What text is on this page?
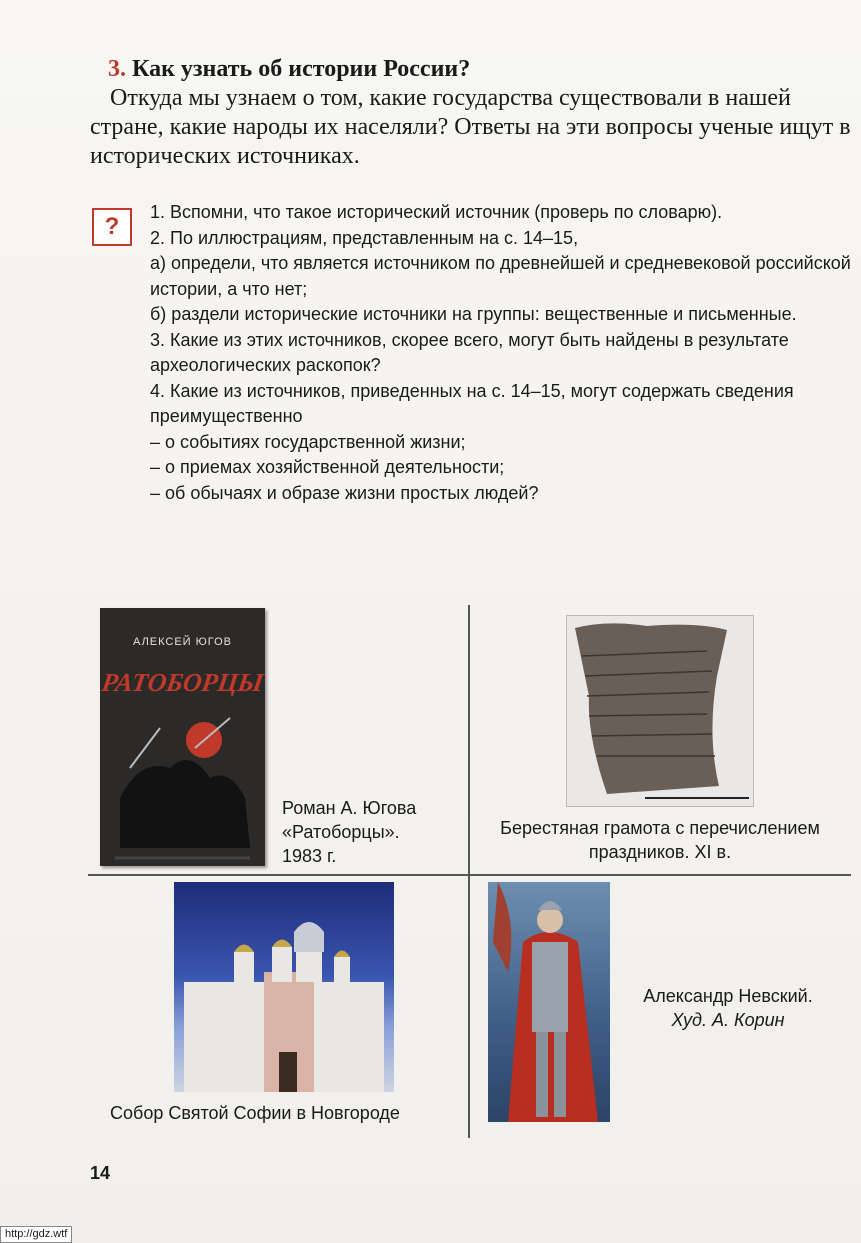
3. Как узнать об истории России?

Откуда мы узнаем о том, какие государства существовали в нашей стране, какие народы их населяли? Ответы на эти вопросы ученые ищут в исторических источниках.

?

1. Вспомни, что такое исторический источник (проверь по словарю).

2. По иллюстрациям, представленным на с. 14–15,

а) определи, что является источником по древнейшей и средневековой российской истории, а что нет;

б) раздели исторические источники на группы: вещественные и письменные.

3. Какие из этих источников, скорее всего, могут быть найдены в результате археологических раскопок?

4. Какие из источников, приведенных на с. 14–15, могут содержать сведения преимущественно

– о событиях государственной жизни;

– о приемах хозяйственной деятельности;

– об обычаях и образе жизни простых людей?

АЛЕКСЕЙ ЮГОВ
РАТОБОРЦЫ
Роман А. Югова
«Ратоборцы».
1983 г.
Берестяная грамота с перечислением
праздников. XI в.
Собор Святой Софии в Новгороде
Александр Невский.
Худ. А. Корин
14
http://gdz.wtf
